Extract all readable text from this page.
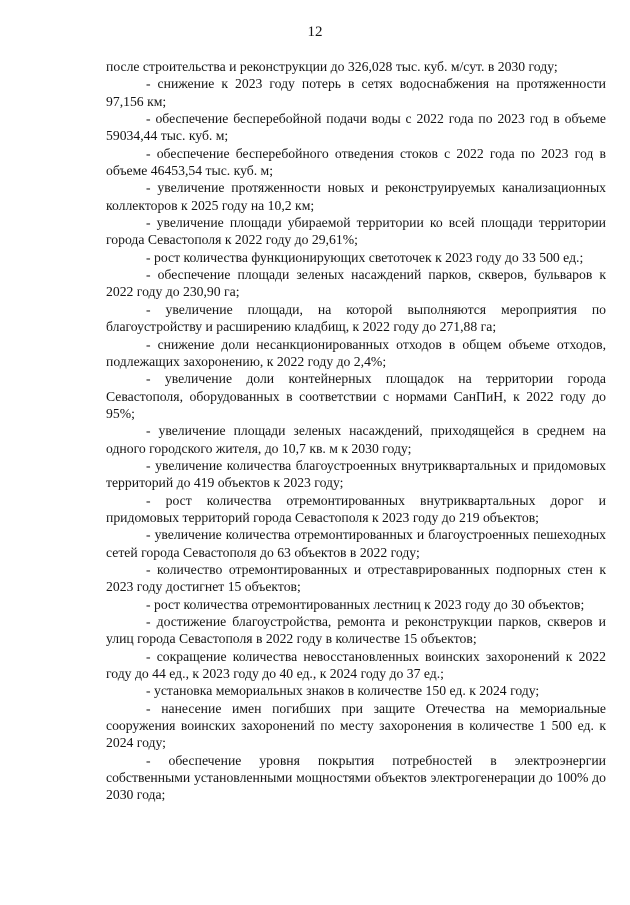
12

после строительства и реконструкции до 326,028 тыс. куб. м/сут. в 2030 году;

- снижение к 2023 году потерь в сетях водоснабжения на протяженности 97,156 км;

- обеспечение бесперебойной подачи воды с 2022 года по 2023 год в объеме 59034,44 тыс. куб. м;

- обеспечение бесперебойного отведения стоков с 2022 года по 2023 год в объеме 46453,54 тыс. куб. м;

- увеличение протяженности новых и реконструируемых канализационных коллекторов к 2025 году на 10,2 км;

- увеличение площади убираемой территории ко всей площади территории города Севастополя к 2022 году до 29,61%;

- рост количества функционирующих светоточек к 2023 году до 33 500 ед.;

- обеспечение площади зеленых насаждений парков, скверов, бульваров к 2022 году до 230,90 га;

- увеличение площади, на которой выполняются мероприятия по благоустройству и расширению кладбищ, к 2022 году до 271,88 га;

- снижение доли несанкционированных отходов в общем объеме отходов, подлежащих захоронению, к 2022 году до 2,4%;

- увеличение доли контейнерных площадок на территории города Севастополя, оборудованных в соответствии с нормами СанПиН, к 2022 году до 95%;

- увеличение площади зеленых насаждений, приходящейся в среднем на одного городского жителя, до 10,7 кв. м к 2030 году;

- увеличение количества благоустроенных внутриквартальных и придомовых территорий до 419 объектов к 2023 году;

- рост количества отремонтированных внутриквартальных дорог и придомовых территорий города Севастополя к 2023 году до 219 объектов;

- увеличение количества отремонтированных и благоустроенных пешеходных сетей города Севастополя до 63 объектов в 2022 году;

- количество отремонтированных и отреставрированных подпорных стен к 2023 году достигнет 15 объектов;

- рост количества отремонтированных лестниц к 2023 году до 30 объектов;

- достижение благоустройства, ремонта и реконструкции парков, скверов и улиц города Севастополя в 2022 году в количестве 15 объектов;

- сокращение количества невосстановленных воинских захоронений к 2022 году до 44 ед., к 2023 году до 40 ед., к 2024 году до 37 ед.;

- установка мемориальных знаков в количестве 150 ед. к 2024 году;

- нанесение имен погибших при защите Отечества на мемориальные сооружения воинских захоронений по месту захоронения в количестве 1 500 ед. к 2024 году;

- обеспечение уровня покрытия потребностей в электроэнергии собственными установленными мощностями объектов электрогенерации до 100% до 2030 года;
